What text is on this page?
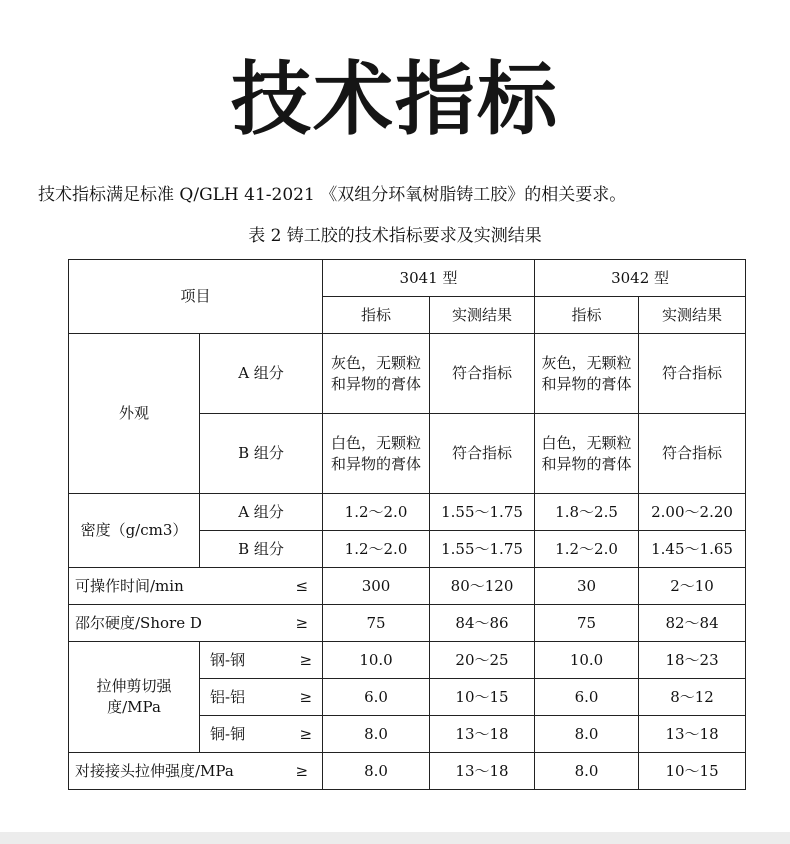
技术指标
技术指标满足标准 Q/GLH 41-2021 《双组分环氧树脂铸工胶》的相关要求。
表 2 铸工胶的技术指标要求及实测结果
项目		3041 型		3042 型	
		指标	实测结果	指标	实测结果
外观	A 组分	灰色，无颗粒和异物的膏体	符合指标	灰色，无颗粒和异物的膏体	符合指标
	B 组分	白色，无颗粒和异物的膏体	符合指标	白色，无颗粒和异物的膏体	符合指标
密度（g/cm3）	A 组分	1.2～2.0	1.55～1.75	1.8～2.5	2.00～2.20
	B 组分	1.2～2.0	1.55～1.75	1.2～2.0	1.45～1.65

可操作时间/min ≤		300	80～120	30	2～10

邵尔硬度/Shore D ≥		75	84～86	75	82～84
拉伸剪切强度/MPa	钢-钢 ≥	10.0	20～25	10.0	18～23

	铝-铝 ≥	6.0	10～15	6.0	8～12

	铜-铜 ≥	8.0	13～18	8.0	13～18

对接接头拉伸强度/MPa ≥		8.0	13～18	8.0	10～15
